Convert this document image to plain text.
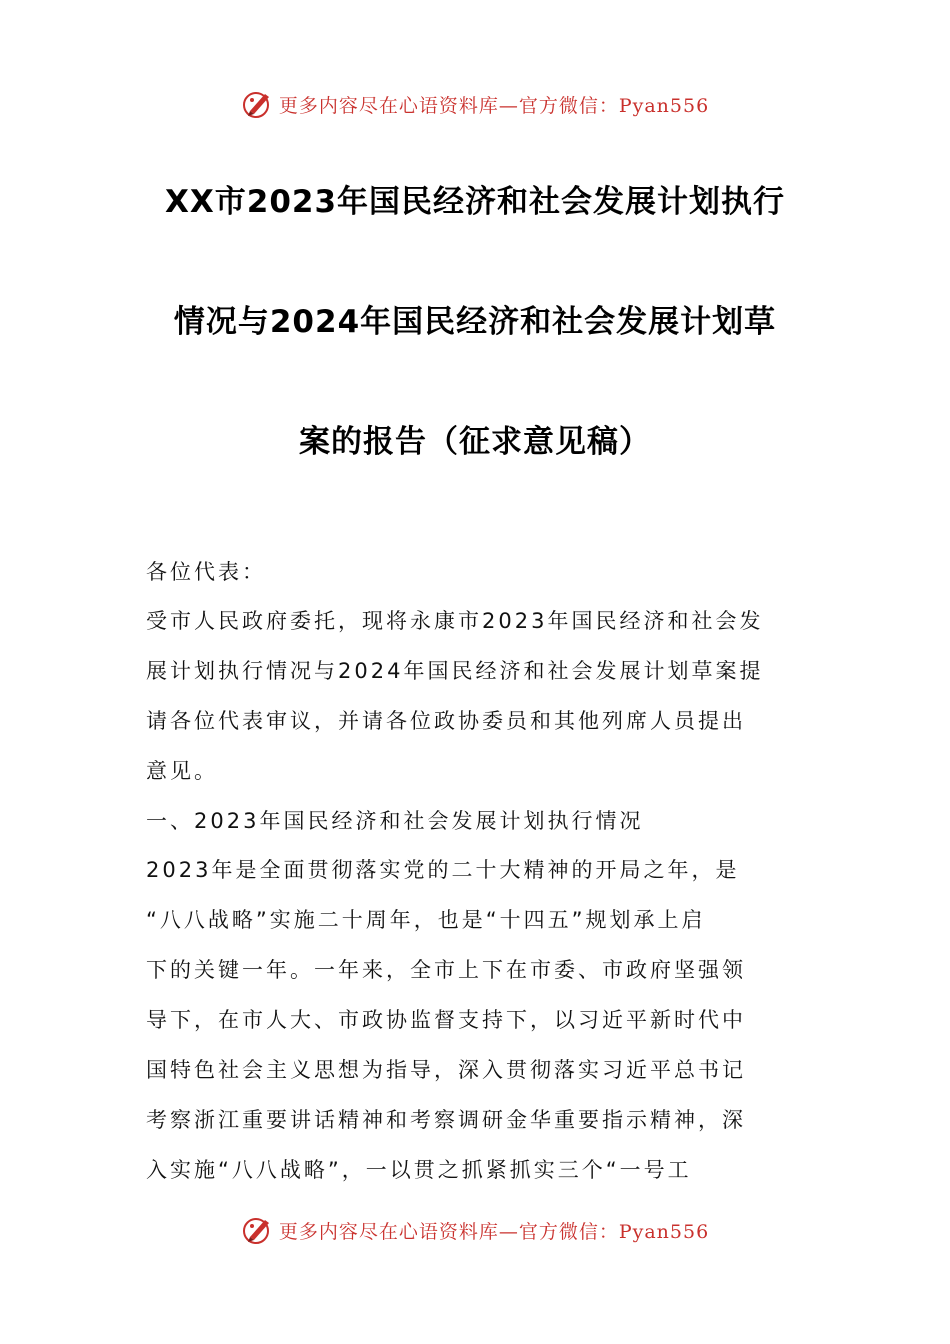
更多内容尽在心语资料库—官方微信：Pyan556
XX市2023年国民经济和社会发展计划执行
情况与2024年国民经济和社会发展计划草
案的报告（征求意见稿）
各位代表：
受市人民政府委托，现将永康市2023年国民经济和社会发
展计划执行情况与2024年国民经济和社会发展计划草案提
请各位代表审议，并请各位政协委员和其他列席人员提出
意见。
一、2023年国民经济和社会发展计划执行情况
2023年是全面贯彻落实党的二十大精神的开局之年，是
“八八战略”实施二十周年，也是“十四五”规划承上启
下的关键一年。一年来，全市上下在市委、市政府坚强领
导下，在市人大、市政协监督支持下，以习近平新时代中
国特色社会主义思想为指导，深入贯彻落实习近平总书记
考察浙江重要讲话精神和考察调研金华重要指示精神，深
入实施“八八战略”，一以贯之抓紧抓实三个“一号工
更多内容尽在心语资料库—官方微信：Pyan556
